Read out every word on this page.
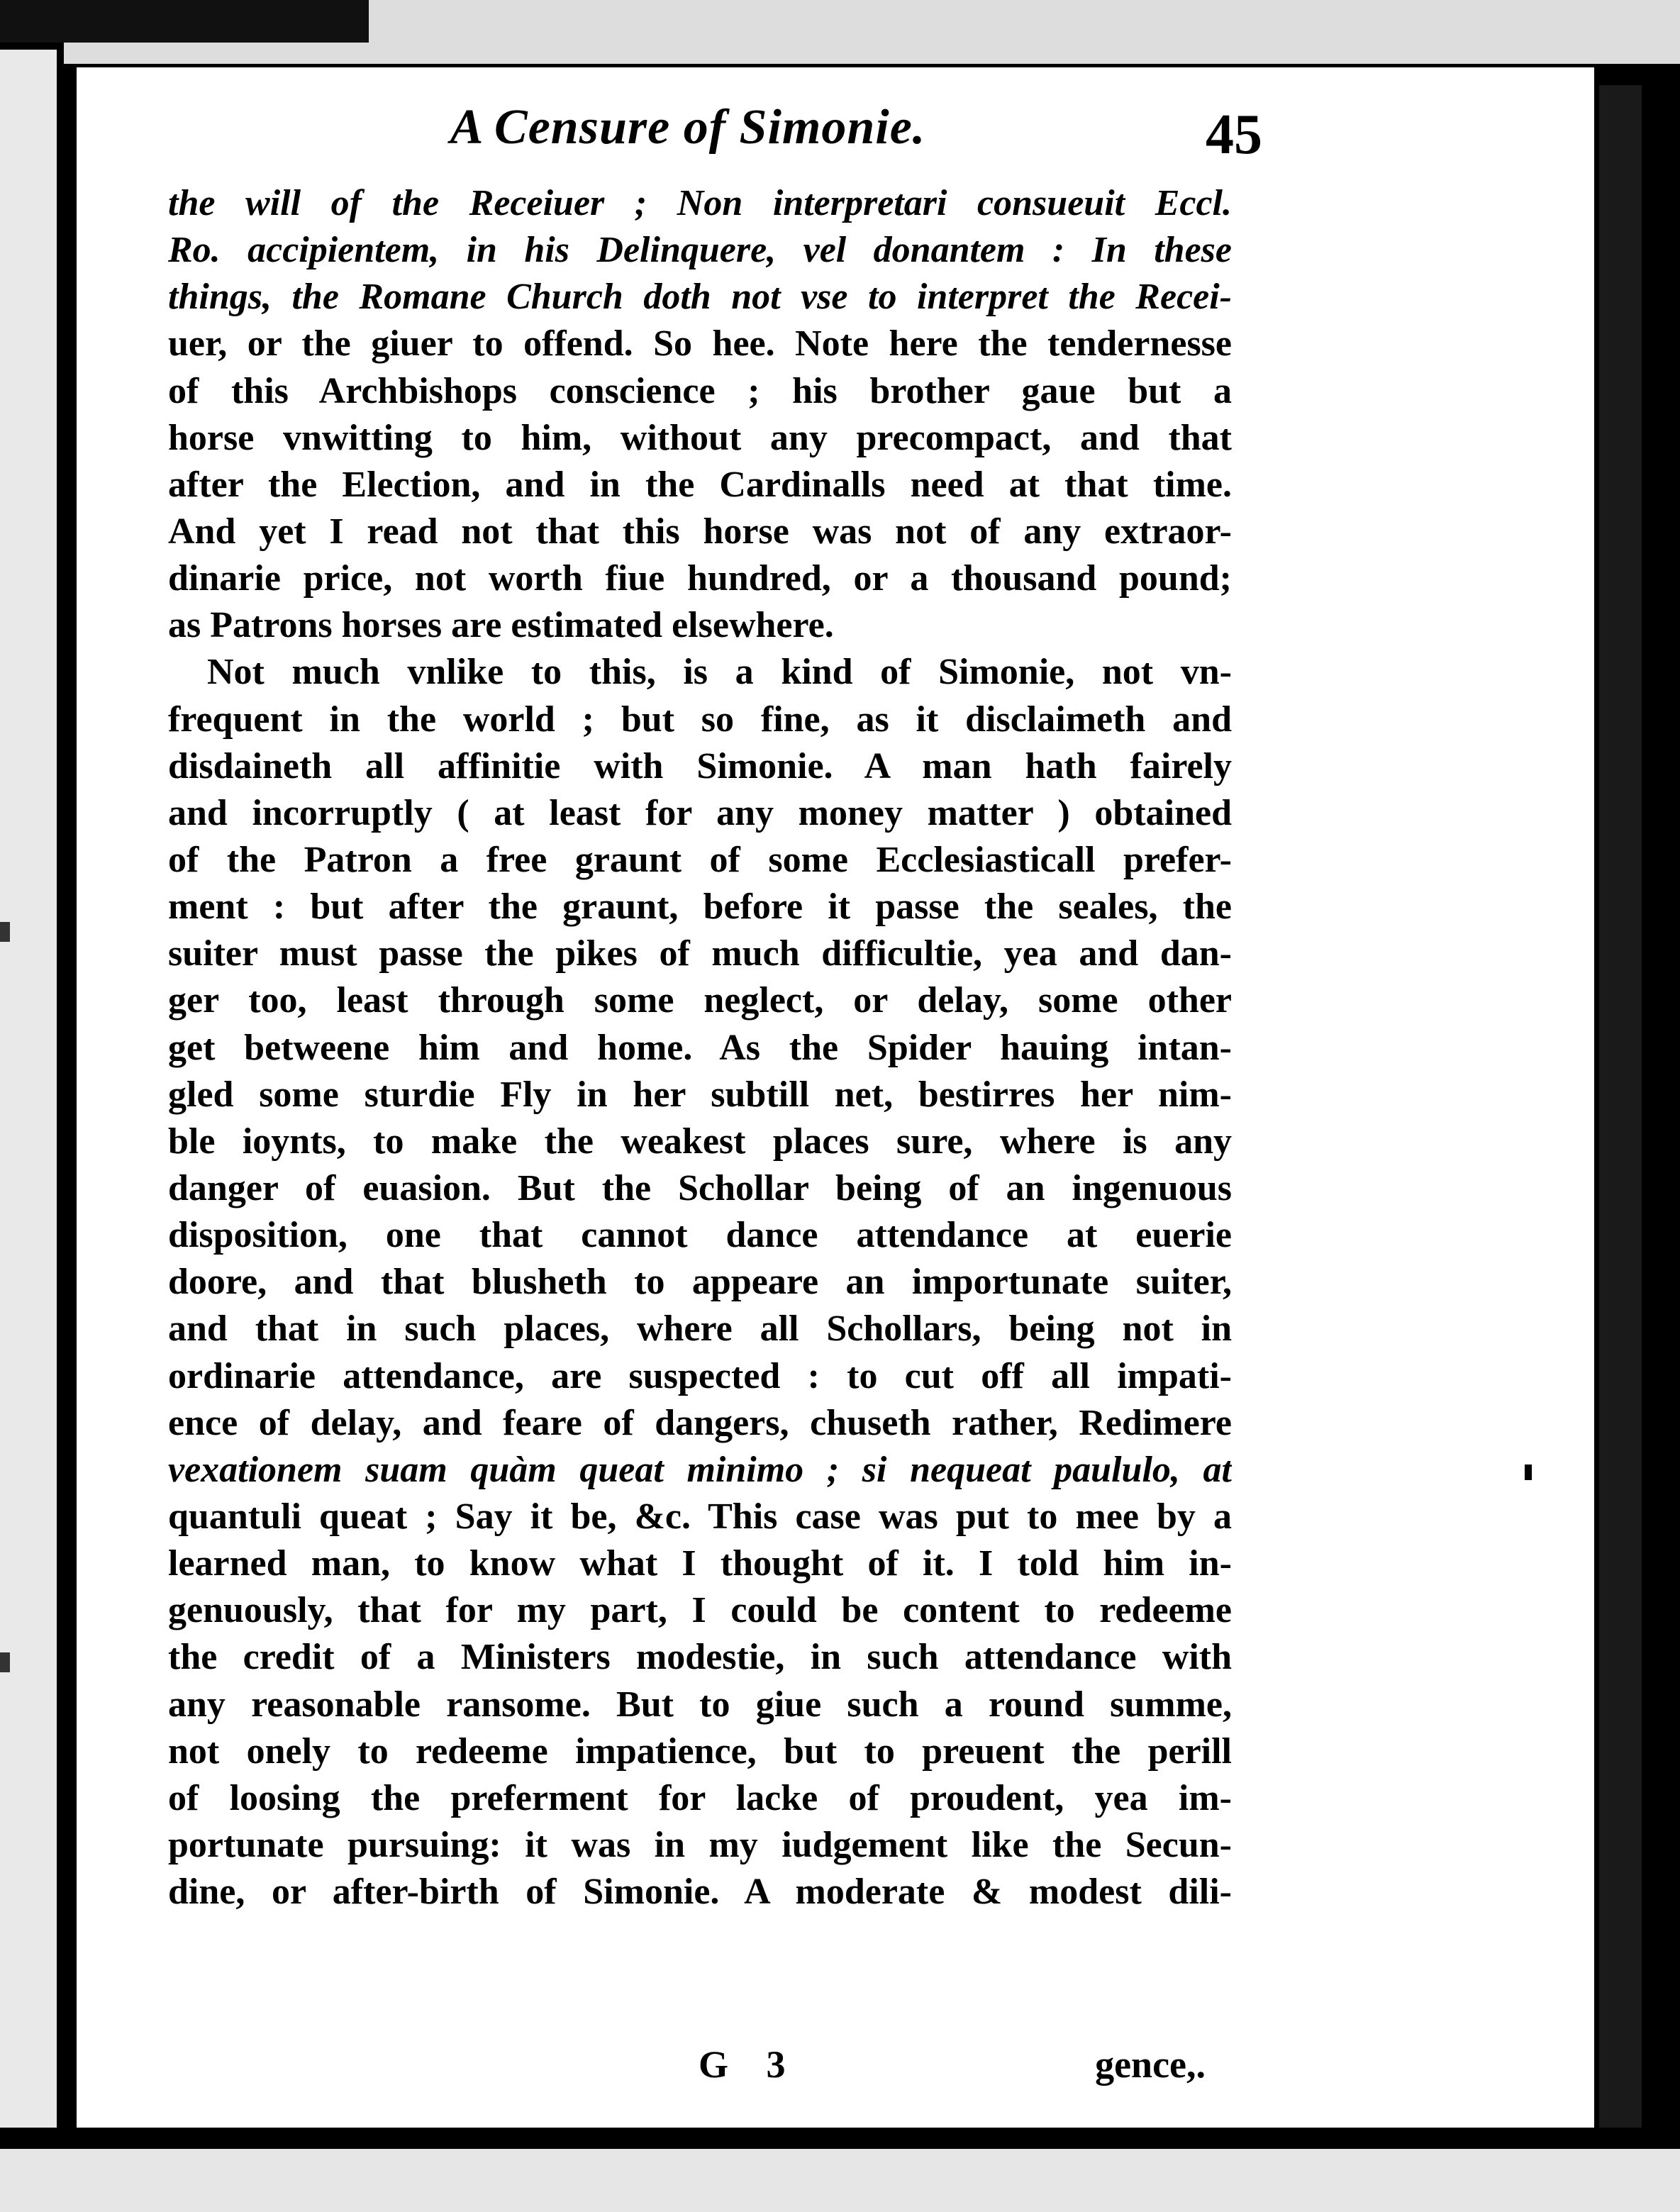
A Censure of Simonie.	45
the will of the Receiuer ; Non interpretari consueuit Eccl.
Ro. accipientem, in his Delinquere, vel donantem : In these
things, the Romane Church doth not vse to interpret the Recei-
uer, or the giuer to offend. So hee. Note here the tendernesse
of this Archbishops conscience ; his brother gaue but a
horse vnwitting to him, without any precompact, and that
after the Election, and in the Cardinalls need at that time.
And yet I read not that this horse was not of any extraor-
dinarie price, not worth fiue hundred, or a thousand pound;
as Patrons horses are estimated elsewhere.
Not much vnlike to this, is a kind of Simonie, not vn-
frequent in the world ; but so fine, as it disclaimeth and
disdaineth all affinitie with Simonie. A man hath fairely
and incorruptly ( at least for any money matter ) obtained
of the Patron a free graunt of some Ecclesiasticall prefer-
ment : but after the graunt, before it passe the seales, the
suiter must passe the pikes of much difficultie, yea and dan-
ger too, least through some neglect, or delay, some other
get betweene him and home. As the Spider hauing intan-
gled some sturdie Fly in her subtill net, bestirres her nim-
ble ioynts, to make the weakest places sure, where is any
danger of euasion. But the Schollar being of an ingenuous
disposition, one that cannot dance attendance at euerie
doore, and that blusheth to appeare an importunate suiter,
and that in such places, where all Schollars, being not in
ordinarie attendance, are suspected : to cut off all impati-
ence of delay, and feare of dangers, chuseth rather, Redimere
vexationem suam quàm queat minimo ; si nequeat paululo, at
quantuli queat ; Say it be, &c. This case was put to mee by a
learned man, to know what I thought of it. I told him in-
genuously, that for my part, I could be content to redeeme
the credit of a Ministers modestie, in such attendance with
any reasonable ransome. But to giue such a round summe,
not onely to redeeme impatience, but to preuent the perill
of loosing the preferment for lacke of proudent, yea im-
portunate pursuing: it was in my iudgement like the Secun-
dine, or after-birth of Simonie. A moderate & modest dili-
G 3	gence,.
